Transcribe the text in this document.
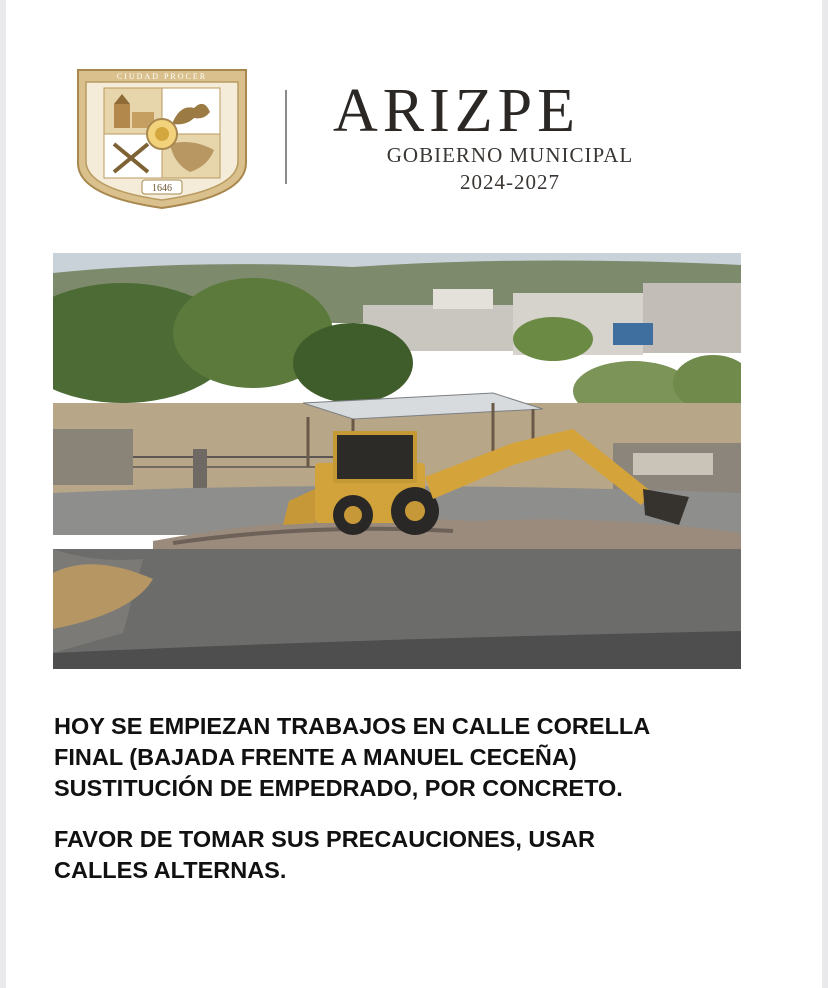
CIUDAD PROCER
1646
ARIZPE
GOBIERNO MUNICIPAL
2024-2027
HOY SE EMPIEZAN TRABAJOS EN CALLE CORELLA
FINAL (BAJADA FRENTE A MANUEL CECEÑA)
SUSTITUCIÓN DE EMPEDRADO, POR CONCRETO.
FAVOR DE TOMAR SUS PRECAUCIONES, USAR
CALLES ALTERNAS.
